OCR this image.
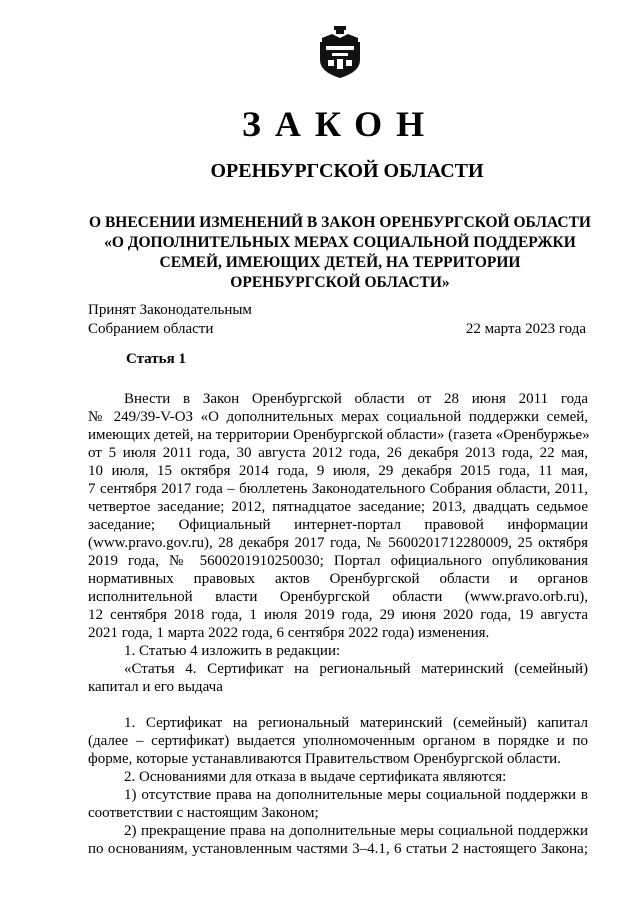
ЗАКОН
ОРЕНБУРГСКОЙ ОБЛАСТИ
О ВНЕСЕНИИ ИЗМЕНЕНИЙ В ЗАКОН ОРЕНБУРГСКОЙ ОБЛАСТИ
«О ДОПОЛНИТЕЛЬНЫХ МЕРАХ СОЦИАЛЬНОЙ ПОДДЕРЖКИ
СЕМЕЙ, ИМЕЮЩИХ ДЕТЕЙ, НА ТЕРРИТОРИИ
ОРЕНБУРГСКОЙ ОБЛАСТИ»
Принят Законодательным
Собранием области	22 марта 2023 года
Статья 1
Внести в Закон Оренбургской области от 28 июня 2011 года
№ 249/39-V-ОЗ «О дополнительных мерах социальной поддержки семей,
имеющих детей, на территории Оренбургской области» (газета «Оренбуржье»
от 5 июля 2011 года, 30 августа 2012 года, 26 декабря 2013 года, 22 мая,
10 июля, 15 октября 2014 года, 9 июля, 29 декабря 2015 года, 11 мая,
7 сентября 2017 года – бюллетень Законодательного Собрания области, 2011,
четвертое заседание; 2012, пятнадцатое заседание; 2013, двадцать седьмое
заседание; Официальный интернет-портал правовой информации
(www.pravo.gov.ru), 28 декабря 2017 года, № 5600201712280009, 25 октября
2019 года, № 5600201910250030; Портал официального опубликования
нормативных правовых актов Оренбургской области и органов
исполнительной власти Оренбургской области (www.pravo.orb.ru),
12 сентября 2018 года, 1 июля 2019 года, 29 июня 2020 года, 19 августа
2021 года, 1 марта 2022 года, 6 сентября 2022 года) изменения.
1. Статью 4 изложить в редакции:
«Статья 4. Сертификат на региональный материнский (семейный)
капитал и его выдача
1. Сертификат на региональный материнский (семейный) капитал
(далее – сертификат) выдается уполномоченным органом в порядке и по
форме, которые устанавливаются Правительством Оренбургской области.
2. Основаниями для отказа в выдаче сертификата являются:
1) отсутствие права на дополнительные меры социальной поддержки в
соответствии с настоящим Законом;
2) прекращение права на дополнительные меры социальной поддержки
по основаниям, установленным частями 3–4.1, 6 статьи 2 настоящего Закона;
